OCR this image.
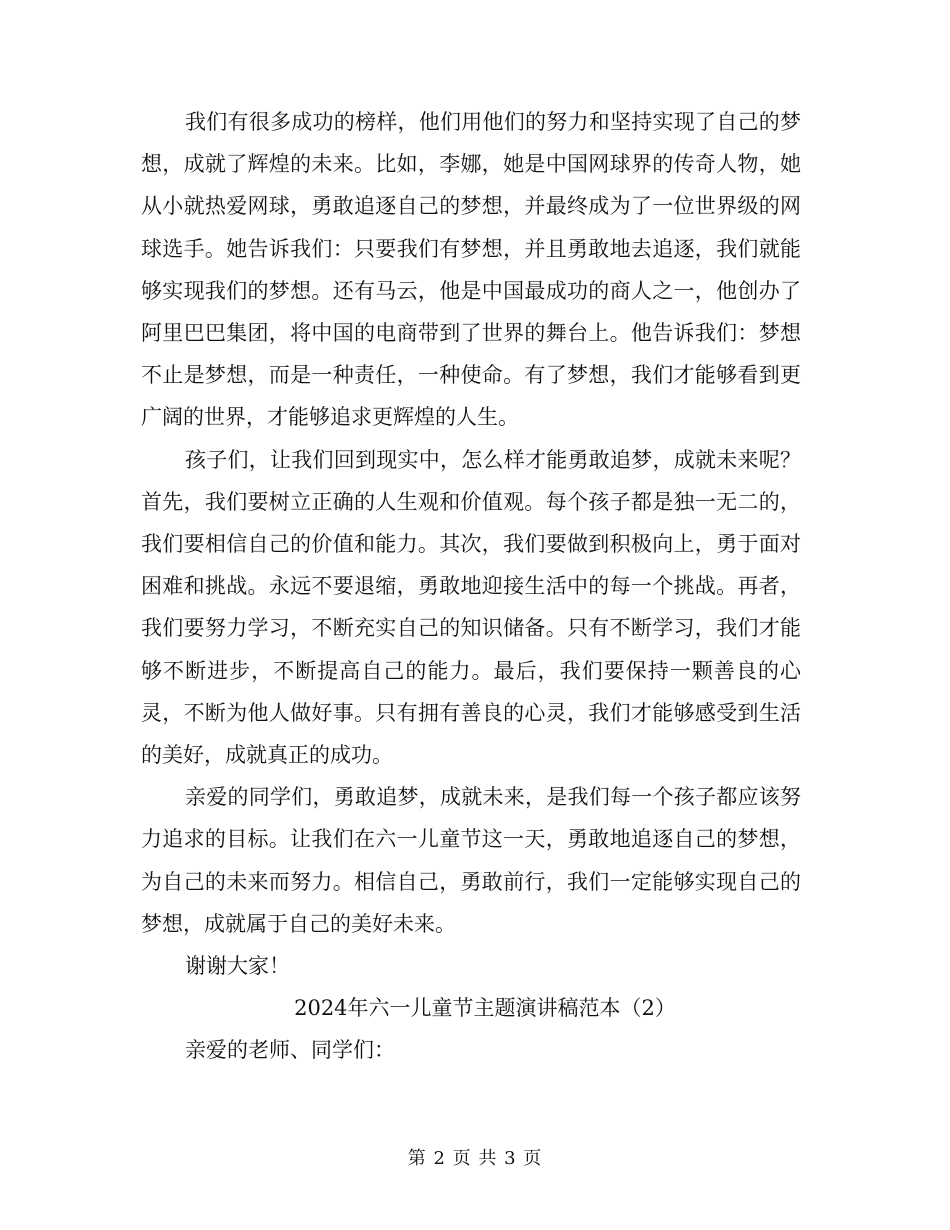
我们有很多成功的榜样，他们用他们的努力和坚持实现了自己的梦想，成就了辉煌的未来。比如，李娜，她是中国网球界的传奇人物，她从小就热爱网球，勇敢追逐自己的梦想，并最终成为了一位世界级的网球选手。她告诉我们：只要我们有梦想，并且勇敢地去追逐，我们就能够实现我们的梦想。还有马云，他是中国最成功的商人之一，他创办了阿里巴巴集团，将中国的电商带到了世界的舞台上。他告诉我们：梦想不止是梦想，而是一种责任，一种使命。有了梦想，我们才能够看到更广阔的世界，才能够追求更辉煌的人生。

孩子们，让我们回到现实中，怎么样才能勇敢追梦，成就未来呢？首先，我们要树立正确的人生观和价值观。每个孩子都是独一无二的，我们要相信自己的价值和能力。其次，我们要做到积极向上，勇于面对困难和挑战。永远不要退缩，勇敢地迎接生活中的每一个挑战。再者，我们要努力学习，不断充实自己的知识储备。只有不断学习，我们才能够不断进步，不断提高自己的能力。最后，我们要保持一颗善良的心灵，不断为他人做好事。只有拥有善良的心灵，我们才能够感受到生活的美好，成就真正的成功。

亲爱的同学们，勇敢追梦，成就未来，是我们每一个孩子都应该努力追求的目标。让我们在六一儿童节这一天，勇敢地追逐自己的梦想，为自己的未来而努力。相信自己，勇敢前行，我们一定能够实现自己的梦想，成就属于自己的美好未来。

谢谢大家！

2024年六一儿童节主题演讲稿范本（2）

亲爱的老师、同学们：

第 2 页 共 3 页
